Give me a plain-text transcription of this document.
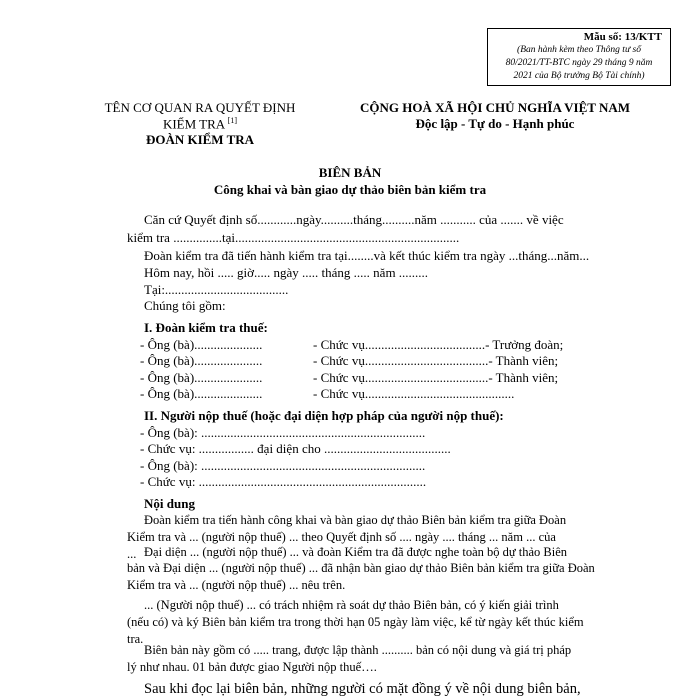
Mẫu số: 13/KTT
(Ban hành kèm theo Thông tư số
80/2021/TT-BTC ngày 29 tháng 9 năm
2021 của Bộ trưởng Bộ Tài chính)
TÊN CƠ QUAN RA QUYẾT ĐỊNH
KIỂM TRA [1]
ĐOÀN KIỂM TRA
CỘNG HOÀ XÃ HỘI CHỦ NGHĨA VIỆT NAM
Độc lập - Tự do - Hạnh phúc
BIÊN BẢN
Công khai và bàn giao dự thảo biên bản kiểm tra
Căn cứ Quyết định số............ngày..........tháng..........năm ........... của ....... về việc
kiểm tra ...............tại.....................................................................
Đoàn kiểm tra đã tiến hành kiểm tra tại........và kết thúc kiểm tra ngày ...tháng...năm...
Hôm nay, hồi ..... giờ..... ngày ..... tháng ..... năm .........
Tại:......................................
Chúng tôi gồm:
I. Đoàn kiểm tra thuế:
- Ông (bà).....................	- Chức vụ.....................................- Trưởng đoàn;
- Ông (bà).....................	- Chức vụ......................................- Thành viên;
- Ông (bà).....................	- Chức vụ......................................- Thành viên;
- Ông (bà).....................	- Chức vụ..............................................
II. Người nộp thuế (hoặc đại diện hợp pháp của người nộp thuế):
- Ông (bà): .....................................................................
- Chức vụ: ................. đại diện cho .......................................
- Ông (bà): .....................................................................
- Chức vụ: ......................................................................
Nội dung
Đoàn kiểm tra tiến hành công khai và bàn giao dự thảo Biên bản kiểm tra giữa Đoàn
Kiểm tra và ... (người nộp thuế) ... theo Quyết định số .... ngày .... tháng ... năm ... của
... Đại diện ... (người nộp thuế) ... và đoàn Kiểm tra đã được nghe toàn bộ dự thảo Biên
bản và Đại diện ... (người nộp thuế) ... đã nhận bàn giao dự thảo Biên bản kiểm tra giữa Đoàn
Kiểm tra và ... (người nộp thuế) ... nêu trên.
... (Người nộp thuế) ... có trách nhiệm rà soát dự thảo Biên bản, có ý kiến giải trình
(nếu có) và ký Biên bản kiểm tra trong thời hạn 05 ngày làm việc, kể từ ngày kết thúc kiểm
tra.
Biên bản này gồm có ..... trang, được lập thành .......... bản có nội dung và giá trị pháp
lý như nhau. 01 bản được giao Người nộp thuế….
Sau khi đọc lại biên bản, những người có mặt đồng ý về nội dung biên bản,
